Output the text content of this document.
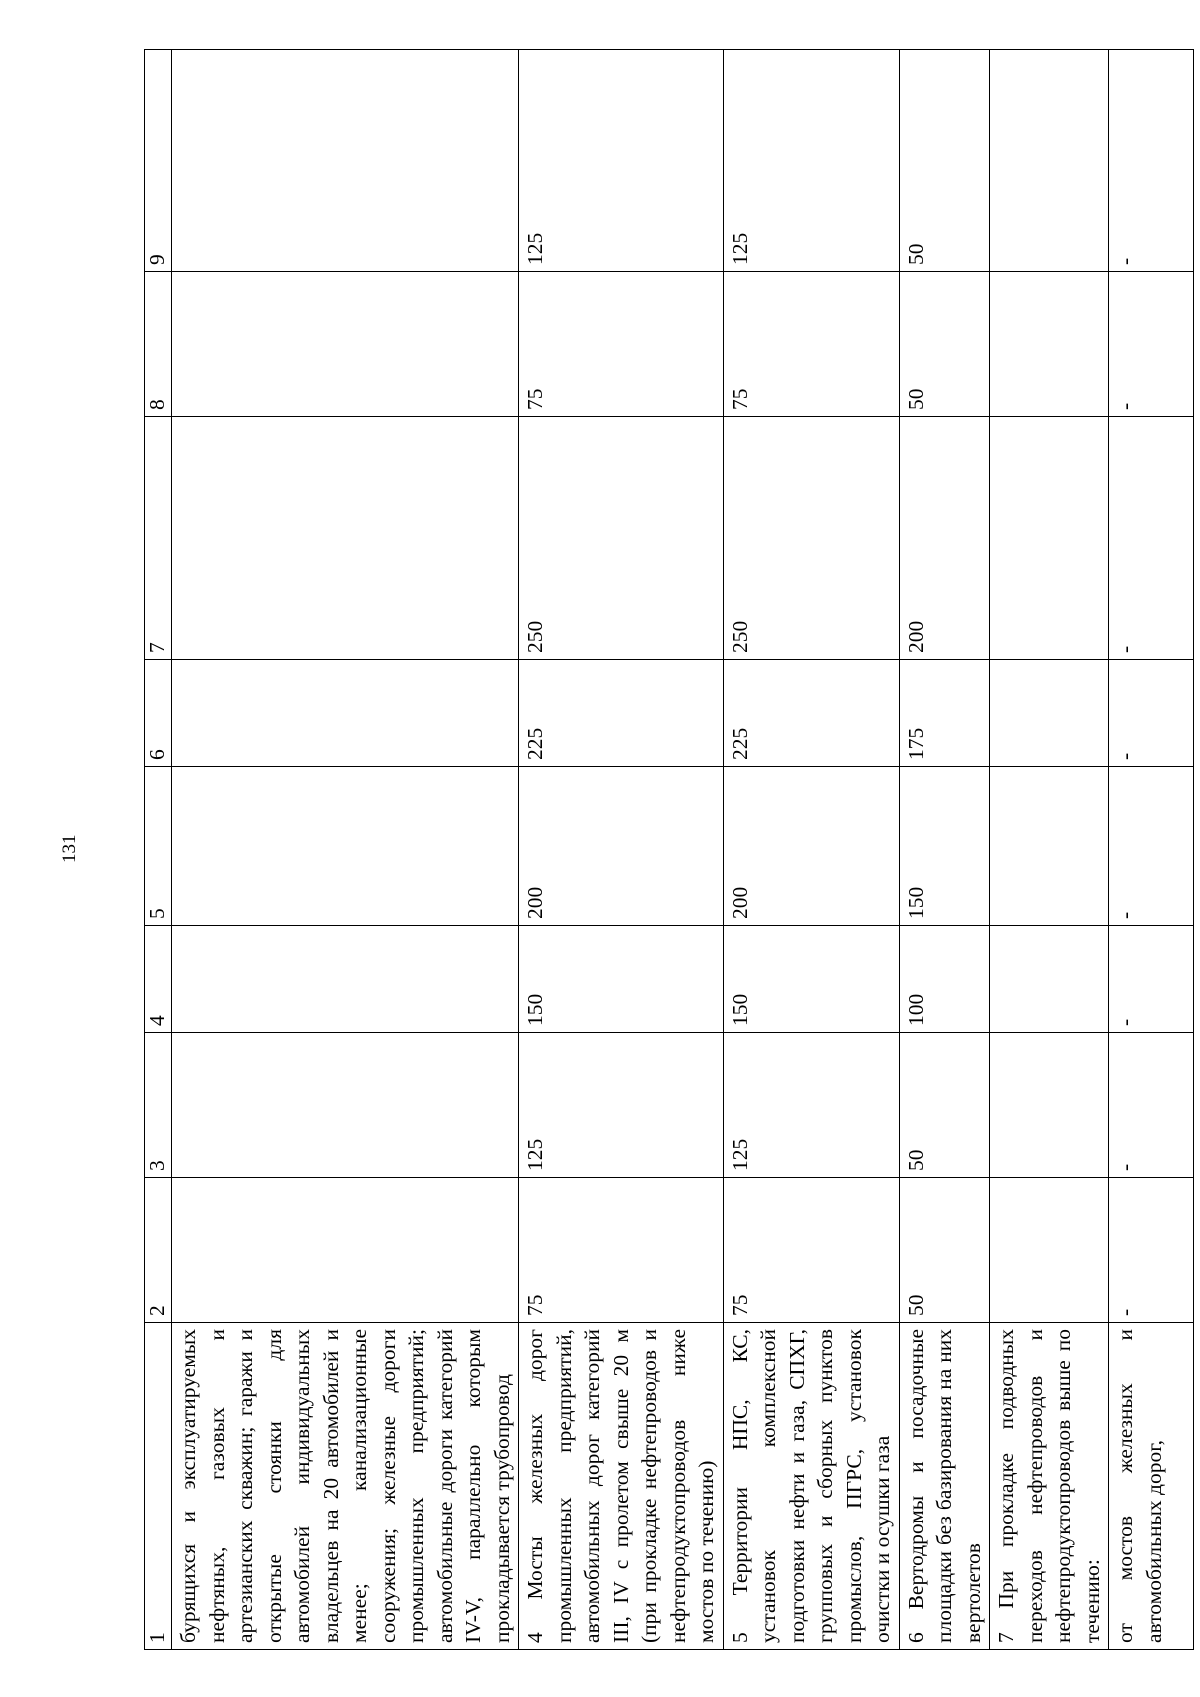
131
1	2	3	4	5	6	7	8	9
бурящихся и эксплуатируемых нефтяных, газовых и артезианских скважин; гаражи и открытые стоянки для автомобилей индивидуальных владельцев на 20 автомобилей и менее; канализационные сооружения; железные дороги промышленных предприятий; автомобильные дороги категорий IV-V, параллельно которым прокладывается трубопровод								
4 Мосты железных дорог промышленных предприятий, автомобильных дорог категорий III, IV с пролетом свыше 20 м (при прокладке нефтепроводов и нефтепродуктопроводов ниже мостов по течению)	75	125	150	200	225	250	75	125
5 Территории НПС, КС, установок комплексной подготовки нефти и газа, СПХГ, групповых и сборных пунктов промыслов, ПГРС, установок очистки и осушки газа	75	125	150	200	225	250	75	125
6 Вертодромы и посадочные площадки без базирования на них вертолетов	50	50	100	150	175	200	50	50
7 При прокладке подводных переходов нефтепроводов и нефтепродуктопроводов выше по течению:								
от мостов железных и автомобильных дорог,	-	-	-	-	-	-	-	-
